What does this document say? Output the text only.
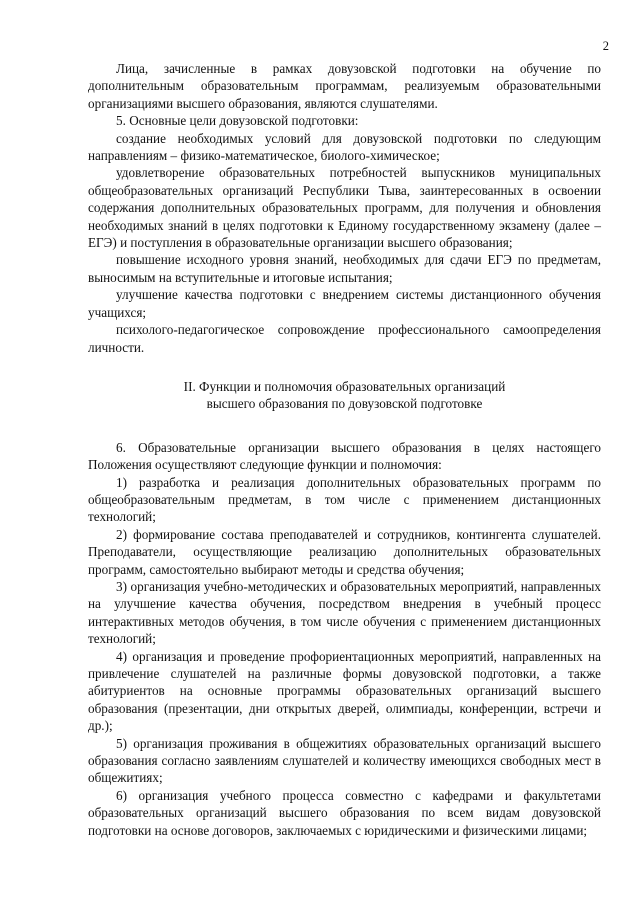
2

Лица, зачисленные в рамках довузовской подготовки на обучение по дополнительным образовательным программам, реализуемым образовательными организациями высшего образования, являются слушателями.

5. Основные цели довузовской подготовки:

создание необходимых условий для довузовской подготовки по следующим направлениям – физико-математическое, биолого-химическое;

удовлетворение образовательных потребностей выпускников муниципальных общеобразовательных организаций Республики Тыва, заинтересованных в освоении содержания дополнительных образовательных программ, для получения и обновления необходимых знаний в целях подготовки к Единому государственному экзамену (далее – ЕГЭ) и поступления в образовательные организации высшего образования;

повышение исходного уровня знаний, необходимых для сдачи ЕГЭ по предметам, выносимым на вступительные и итоговые испытания;

улучшение качества подготовки с внедрением системы дистанционного обучения учащихся;

психолого-педагогическое сопровождение профессионального самоопределения личности.

II. Функции и полномочия образовательных организаций
высшего образования по довузовской подготовке

6. Образовательные организации высшего образования в целях настоящего Положения осуществляют следующие функции и полномочия:

1) разработка и реализация дополнительных образовательных программ по общеобразовательным предметам, в том числе с применением дистанционных технологий;

2) формирование состава преподавателей и сотрудников, контингента слушателей. Преподаватели, осуществляющие реализацию дополнительных образовательных программ, самостоятельно выбирают методы и средства обучения;

3) организация учебно-методических и образовательных мероприятий, направленных на улучшение качества обучения, посредством внедрения в учебный процесс интерактивных методов обучения, в том числе обучения с применением дистанционных технологий;

4) организация и проведение профориентационных мероприятий, направленных на привлечение слушателей на различные формы довузовской подготовки, а также абитуриентов на основные программы образовательных организаций высшего образования (презентации, дни открытых дверей, олимпиады, конференции, встречи и др.);

5) организация проживания в общежитиях образовательных организаций высшего образования согласно заявлениям слушателей и количеству имеющихся свободных мест в общежитиях;

6) организация учебного процесса совместно с кафедрами и факультетами образовательных организаций высшего образования по всем видам довузовской подготовки на основе договоров, заключаемых с юридическими и физическими лицами;
